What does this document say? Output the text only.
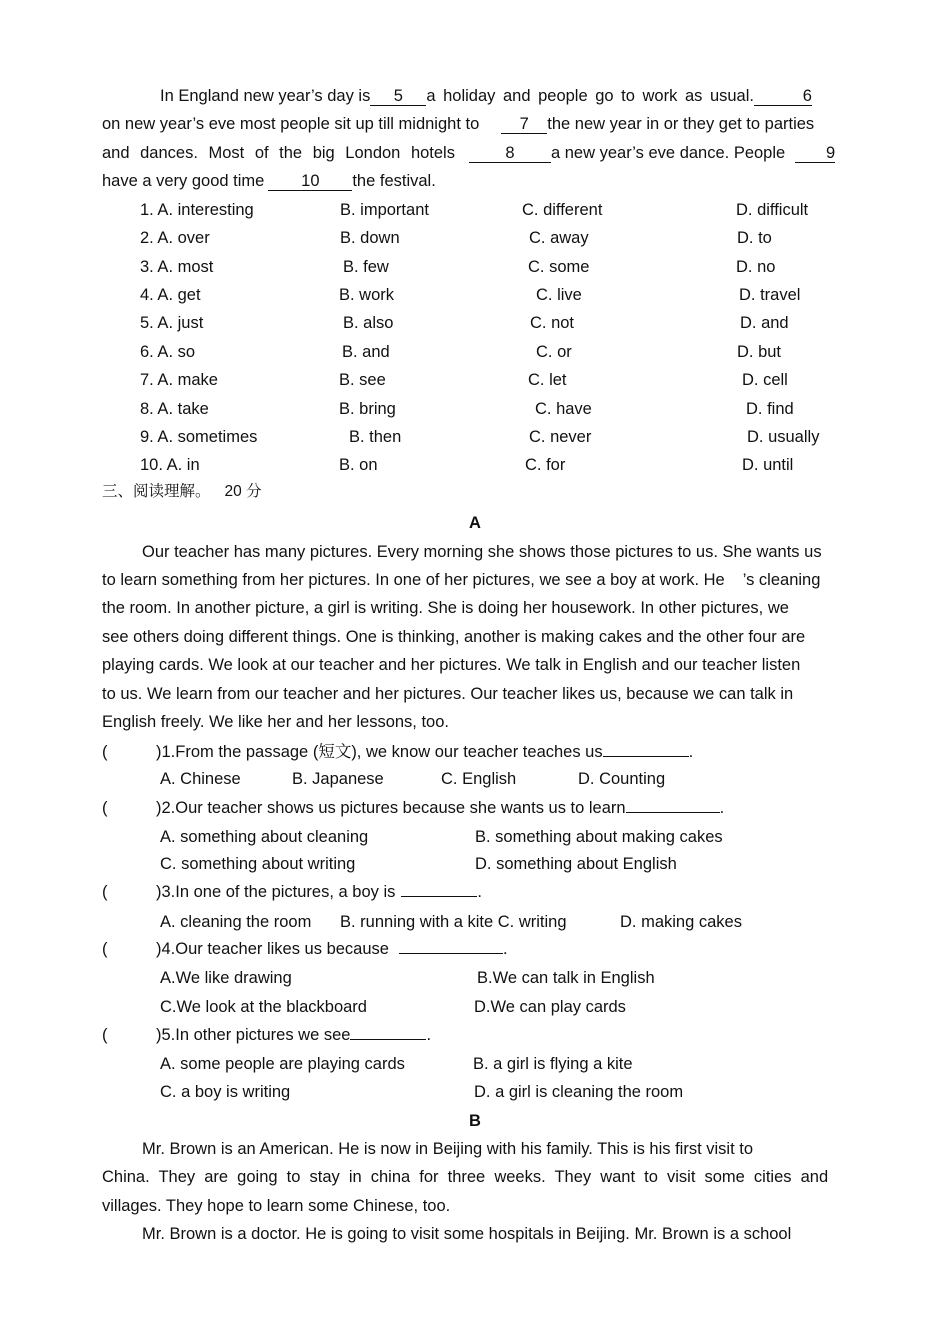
In England new year’s day is 5 a holiday and people go to work as usual.	6
on new year’s eve most people sit up till midnight to 7 the new year in or they get to parties
and dances. Most of the big London hotels	8 a new year’s eve dance. People 9
have a very good time 10 the festival.
1. A. interesting	B. important	C. different	D. difficult
2. A. over	B. down	C. away	D. to
3. A. most	B. few	C. some	D. no
4. A. get	B. work	C. live	D. travel
5. A. just	B. also	C. not	D. and
6. A. so	B. and	C. or	D. but
7. A. make	B. see	C. let	D. cell
8. A. take	B. bring	C. have	D. find
9. A. sometimes	B. then	C. never	D. usually
10. A. in	B. on	C. for	D. until
三、阅读理解。 20 分
A
Our teacher has many pictures. Every morning she shows those pictures to us. She wants us
to learn something from her pictures. In one of her pictures, we see a boy at work. He ’s cleaning
the room. In another picture, a girl is writing. She is doing her housework. In other pictures, we
see others doing different things. One is thinking, another is making cakes and the other four are
playing cards. We look at our teacher and her pictures. We talk in English and our teacher listen
to us. We learn from our teacher and her pictures. Our teacher likes us, because we can talk in
English freely. We like her and her lessons, too.
(	)1.From the passage (短文), we know our teacher teaches us	.
A. Chinese	B. Japanese	C. English	D. Counting
(	)2.Our teacher shows us pictures because she wants us to learn	.
A. something about cleaning	B. something about making cakes
C. something about writing	D. something about English
(	)3.In one of the pictures, a boy is	.
A. cleaning the room B. running with a kite C. writing	D. making cakes
(	)4.Our teacher likes us because	.
A.We like drawing	B.We can talk in English
C.We look at the blackboard	D.We can play cards
(	)5.In other pictures we see	.
A. some people are playing cards	B. a girl is flying a kite
C. a boy is writing	D. a girl is cleaning the room
B
Mr. Brown is an American. He is now in Beijing with his family. This is his first visit to
China. They are going to stay in china for three weeks. They want to visit some cities and
villages. They hope to learn some Chinese, too.
Mr. Brown is a doctor. He is going to visit some hospitals in Beijing. Mr. Brown is a school
